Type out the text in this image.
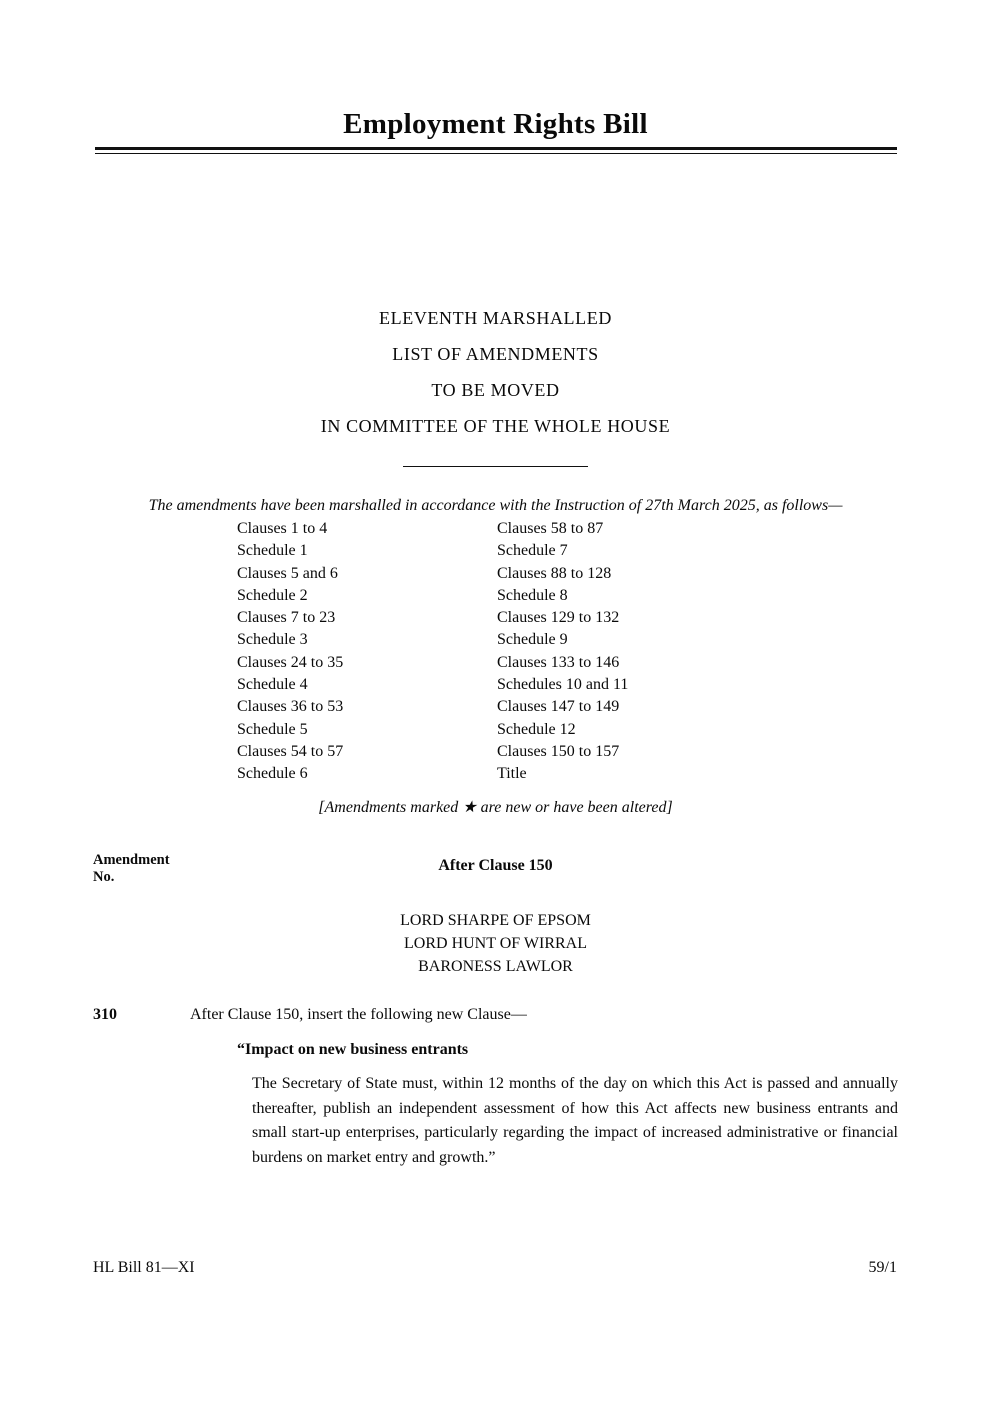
Employment Rights Bill
ELEVENTH MARSHALLED
LIST OF AMENDMENTS
TO BE MOVED
IN COMMITTEE OF THE WHOLE HOUSE

The amendments have been marshalled in accordance with the Instruction of 27th March 2025, as follows—

Clauses 1 to 4
Schedule 1
Clauses 5 and 6
Schedule 2
Clauses 7 to 23
Schedule 3
Clauses 24 to 35
Schedule 4
Clauses 36 to 53
Schedule 5
Clauses 54 to 57
Schedule 6
Clauses 58 to 87
Schedule 7
Clauses 88 to 128
Schedule 8
Clauses 129 to 132
Schedule 9
Clauses 133 to 146
Schedules 10 and 11
Clauses 147 to 149
Schedule 12
Clauses 150 to 157
Title

[Amendments marked ★ are new or have been altered]

Amendment
No.
After Clause 150
LORD SHARPE OF EPSOM
LORD HUNT OF WIRRAL
BARONESS LAWLOR
310	After Clause 150, insert the following new Clause—
“Impact on new business entrants

The Secretary of State must, within 12 months of the day on which this Act is passed and annually thereafter, publish an independent assessment of how this Act affects new business entrants and small start-up enterprises, particularly regarding the impact of increased administrative or financial burdens on market entry and growth.”

HL Bill 81—XI	59/1
